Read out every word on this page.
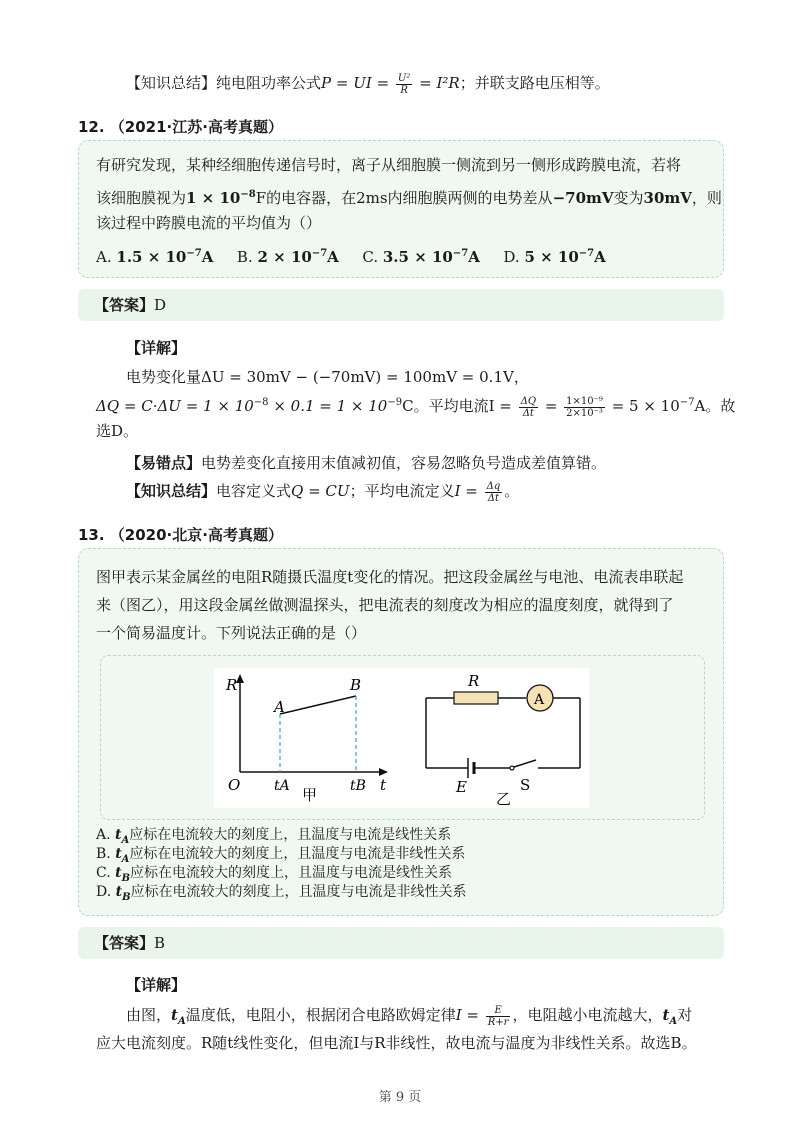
【知识总结】纯电阻功率公式P = UI = $\frac{\text{U²}}{R} = I^2R$；并联支路电压相等。
12. （2021·江苏·高考真题）
有研究发现，某种经细胞传递信号时，离子从细胞膜一侧流到另一侧形成跨膜电流，若将
该细胞膜视为$1 \times 10^{-8}F$的电容器，在2ms内细胞膜两侧的电势差从−70mV变为30mV，则
该过程中跨膜电流的平均值为（）
A. $1.5 \times 10^{-7}A$ B. $2 \times 10^{-7}A$ C. $3.5 \times 10^{-7}A$ D. $5 \times 10^{-7}A$
【答案】D
【详解】
电势变化量ΔU = 30mV − (−70mV) = 100mV = 0.1V，
$\Delta Q = C\cdot\Delta U = 1 \times 10^{-8} \times 0.1 = 1 \times 10^{-9}C$。平均电流$I = \frac{\Delta Q}{\Delta t} = \frac{\text{1×10⁻⁹}}{\text{2×10⁻³}} = 5 \times 10^{-7}A$。故
选D。
【易错点】电势差变化直接用末值减初值，容易忽略负号造成差值算错。
【知识总结】电容定义式Q = CU；平均电流定义$I = \frac{\Delta q}{\Delta t}$ 。
13. （2020·北京·高考真题）
图甲表示某金属丝的电阻R随摄氏温度t变化的情况。把这段金属丝与电池、电流表串联起
来（图乙），用这段金属丝做测温探头，把电流表的刻度改为相应的温度刻度，就得到了
一个简易温度计。下列说法正确的是（）
R
t
O
A
B
tA	tB
甲
R
A
E	S
乙
A. $t_A$应标在电流较大的刻度上，且温度与电流是线性关系
B. $t_A$应标在电流较大的刻度上，且温度与电流是非线性关系
C. $t_B$应标在电流较大的刻度上，且温度与电流是线性关系
D. $t_B$应标在电流较大的刻度上，且温度与电流是非线性关系
【答案】B
【详解】
由图，$t_A$温度低，电阻小，根据闭合电路欧姆定律$I = \frac{E}{R+r}$ ，电阻越小电流越大，$t_A$对
应大电流刻度。R随t线性变化，但电流I与R非线性，故电流与温度为非线性关系。故选B。
第 9 页
